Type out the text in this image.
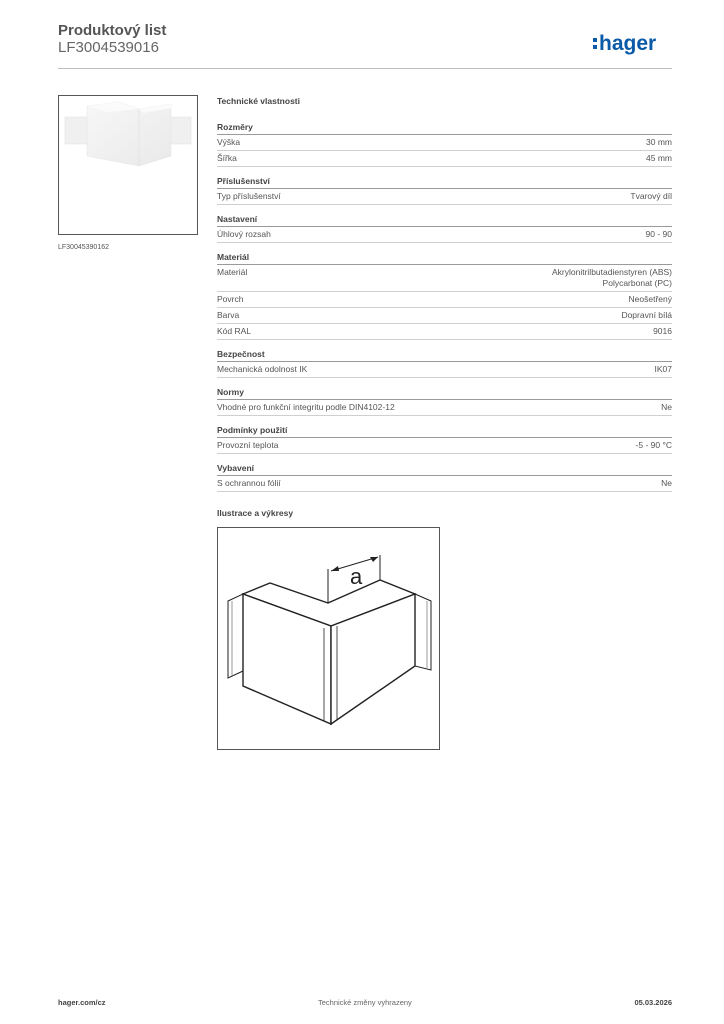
Produktový list
LF3004539016	hager
LF30045390162
Technické vlastnosti
Rozměry
Výška	30 mm
Šířka	45 mm
Příslušenství
Typ příslušenství	Tvarový díl
Nastavení
Úhlový rozsah	90 - 90
Materiál
Materiál	Akrylonitrilbutadienstyren (ABS)
Polycarbonat (PC)
Povrch	Neošetřený
Barva	Dopravní bílá
Kód RAL	9016
Bezpečnost
Mechanická odolnost IK	IK07
Normy
Vhodné pro funkční integritu podle DIN4102-12	Ne
Podmínky použití
Provozní teplota	-5 - 90 °C
Vybavení
S ochrannou fólií	Ne
Ilustrace a výkresy
a
hager.com/cz	Technické změny vyhrazeny	05.03.2026
